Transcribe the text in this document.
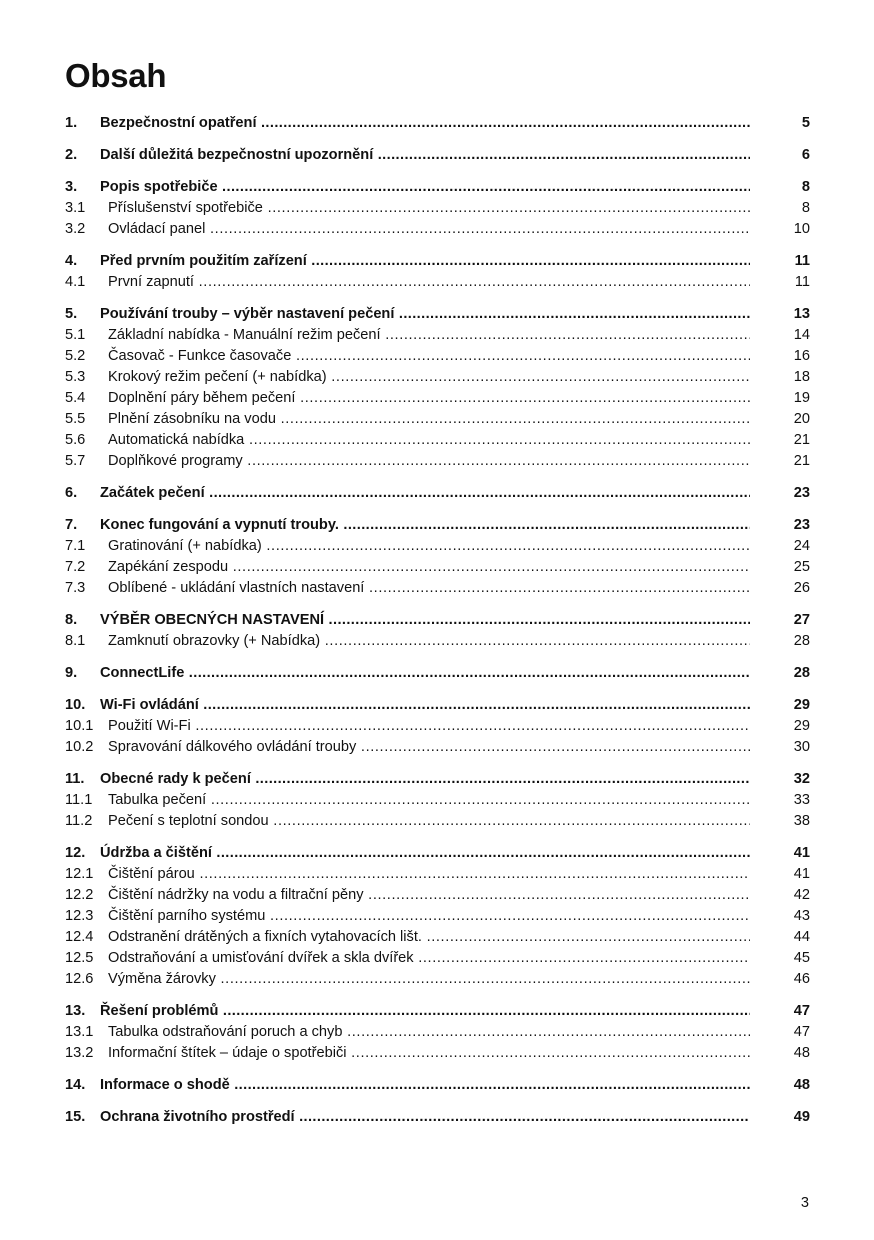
Obsah
1. Bezpečnostní opatření .....	5
2. Další důležitá bezpečnostní upozornění .....	6
3. Popis spotřebiče .....	8
3.1 Příslušenství spotřebiče .....	8
3.2 Ovládací panel .....	10
4. Před prvním použitím zařízení .....	11
4.1 První zapnutí .....	11
5. Používání trouby – výběr nastavení pečení .....	13
5.1 Základní nabídka - Manuální režim pečení .....	14
5.2 Časovač - Funkce časovače .....	16
5.3 Krokový režim pečení (+ nabídka) .....	18
5.4 Doplnění páry během pečení .....	19
5.5 Plnění zásobníku na vodu .....	20
5.6 Automatická nabídka .....	21
5.7 Doplňkové programy .....	21
6. Začátek pečení .....	23
7. Konec fungování a vypnutí trouby. .....	23
7.1 Gratinování (+ nabídka) .....	24
7.2 Zapékání zespodu .....	25
7.3 Oblíbené - ukládání vlastních nastavení .....	26
8. VÝBĚR OBECNÝCH NASTAVENÍ .....	27
8.1 Zamknutí obrazovky (+ Nabídka) .....	28
9. ConnectLife .....	28
10. Wi-Fi ovládání .....	29
10.1 Použití Wi-Fi .....	29
10.2 Spravování dálkového ovládání trouby .....	30
11. Obecné rady k pečení .....	32
11.1 Tabulka pečení .....	33
11.2 Pečení s teplotní sondou .....	38
12. Údržba a čištění .....	41
12.1 Čištění párou .....	41
12.2 Čištění nádržky na vodu a filtrační pěny .....	42
12.3 Čištění parního systému .....	43
12.4 Odstranění drátěných a fixních vytahovacích lišt. .....	44
12.5 Odstraňování a umisťování dvířek a skla dvířek .....	45
12.6 Výměna žárovky .....	46
13. Řešení problémů .....	47
13.1 Tabulka odstraňování poruch a chyb .....	47
13.2 Informační štítek – údaje o spotřebiči .....	48
14. Informace o shodě .....	48
15. Ochrana životního prostředí .....	49
3
